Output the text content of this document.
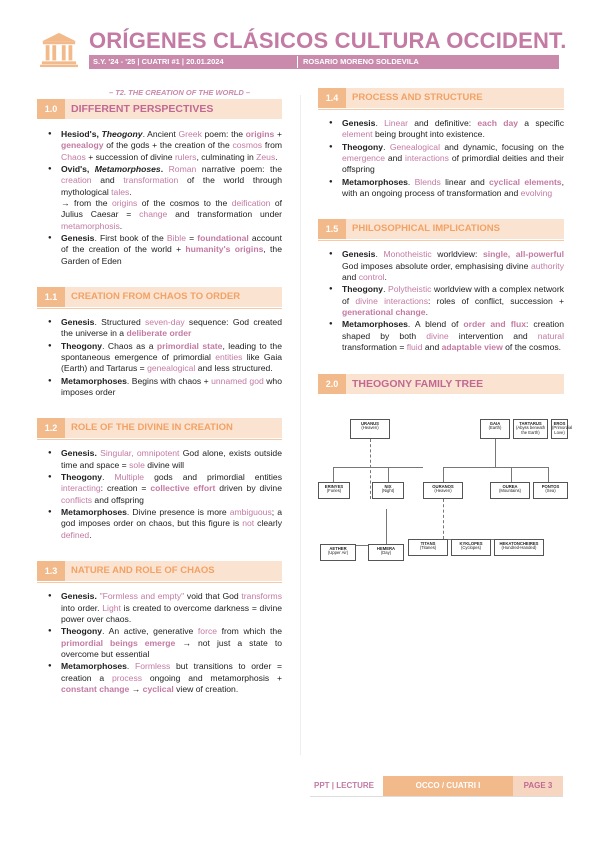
ORÍGENES CLÁSICOS CULTURA OCCIDENT.
S.Y. '24 - '25 | CUATRI #1 | 20.01.2024	ROSARIO MORENO SOLDEVILA
– T2. THE CREATION OF THE WORLD –
1.0	DIFFERENT PERSPECTIVES
● Hesiod's, Theogony. Ancient Greek poem: the origins + genealogy of the gods + the creation of the cosmos from Chaos + succession of divine rulers, culminating in Zeus.
● Ovid's, Metamorphoses. Roman narrative poem: the creation and transformation of the world through mythological tales.
→ from the origins of the cosmos to the deification of Julius Caesar = change and transformation under metamorphosis.
● Genesis. First book of the Bible = foundational account of the creation of the world + humanity's origins, the Garden of Eden
1.1	CREATION FROM CHAOS TO ORDER
● Genesis. Structured seven-day sequence: God created the universe in a deliberate order
● Theogony. Chaos as a primordial state, leading to the spontaneous emergence of primordial entities like Gaia (Earth) and Tartarus = genealogical and less structured.
● Metamorphoses. Begins with chaos + unnamed god who imposes order
1.2	ROLE OF THE DIVINE IN CREATION
● Genesis. Singular, omnipotent God alone, exists outside time and space = sole divine will
● Theogony. Multiple gods and primordial entities interacting: creation = collective effort driven by divine conflicts and offspring
● Metamorphoses. Divine presence is more ambiguous; a god imposes order on chaos, but this figure is not clearly defined.
1.3	NATURE AND ROLE OF CHAOS
● Genesis. "Formless and empty" void that God transforms into order. Light is created to overcome darkness = divine power over chaos.
● Theogony. An active, generative force from which the primordial beings emerge → not just a state to overcome but essential
● Metamorphoses. Formless but transitions to order = creation a process ongoing and metamorphosis + constant change → cyclical view of creation.
1.4	PROCESS AND STRUCTURE
● Genesis. Linear and definitive: each day a specific element being brought into existence.
● Theogony. Genealogical and dynamic, focusing on the emergence and interactions of primordial deities and their offspring
● Metamorphoses. Blends linear and cyclical elements, with an ongoing process of transformation and evolving
1.5	PHILOSOPHICAL IMPLICATIONS
● Genesis. Monotheistic worldview: single, all-powerful God imposes absolute order, emphasising divine authority and control.
● Theogony. Polytheistic worldview with a complex network of divine interactions: roles of conflict, succession + generational change.
● Metamorphoses. A blend of order and flux: creation shaped by both divine intervention and natural transformation = fluid and adaptable view of the cosmos.
2.0	THEOGONY FAMILY TREE
URANUS
(Heaven)
GAIA
(Earth)
TARTARUS
(Abyss beneath the Earth)
EROS
(Primordial Love)
ERINYES
(Furies)
NIX
(Night)
OURANOS
(Heaven)
OUREA
(Mountains)
PONTOS
(Sea)
AETHER
(Upper Air)
HEMERA
(Day)
TITANS
(Titanes)
KYKLOPES
(Cyclopes)
HEKATONCHEIRES
(Hundred-Handed)
PPT | LECTURE	OCCO / CUATRI I	PAGE 3
